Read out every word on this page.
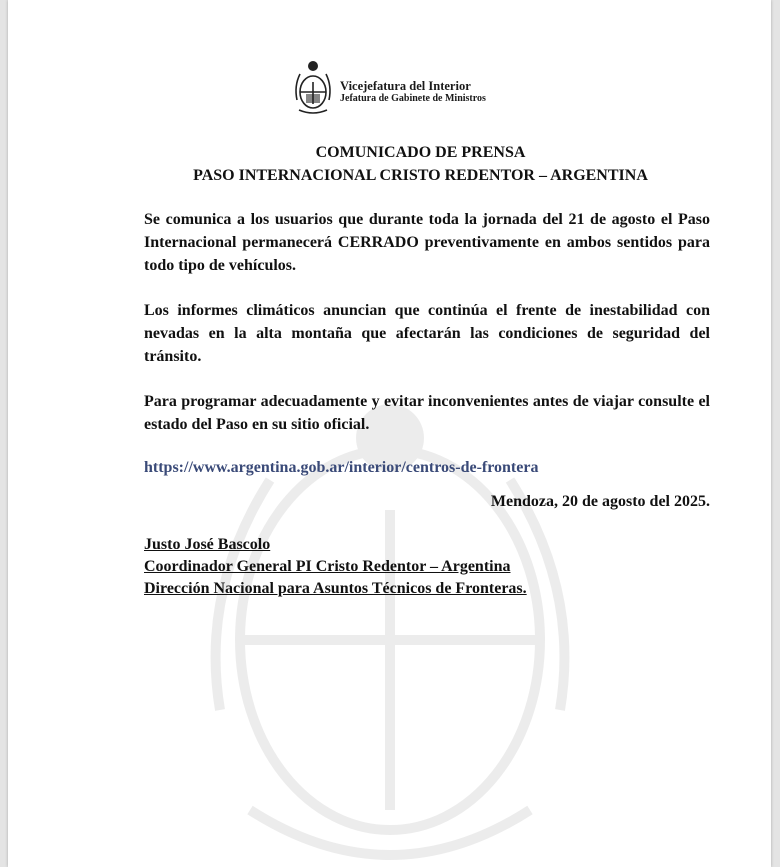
Vicejefatura del Interior
Jefatura de Gabinete de Ministros
COMUNICADO DE PRENSA
PASO INTERNACIONAL CRISTO REDENTOR – ARGENTINA
Se comunica a los usuarios que durante toda la jornada del 21 de agosto el Paso Internacional permanecerá CERRADO preventivamente en ambos sentidos para todo tipo de vehículos.
Los informes climáticos anuncian que continúa el frente de inestabilidad con nevadas en la alta montaña que afectarán las condiciones de seguridad del tránsito.
Para programar adecuadamente y evitar inconvenientes antes de viajar consulte el estado del Paso en su sitio oficial.
https://www.argentina.gob.ar/interior/centros-de-frontera
Mendoza, 20 de agosto del 2025.
Justo José Bascolo
Coordinador General PI Cristo Redentor – Argentina
Dirección Nacional para Asuntos Técnicos de Fronteras.
